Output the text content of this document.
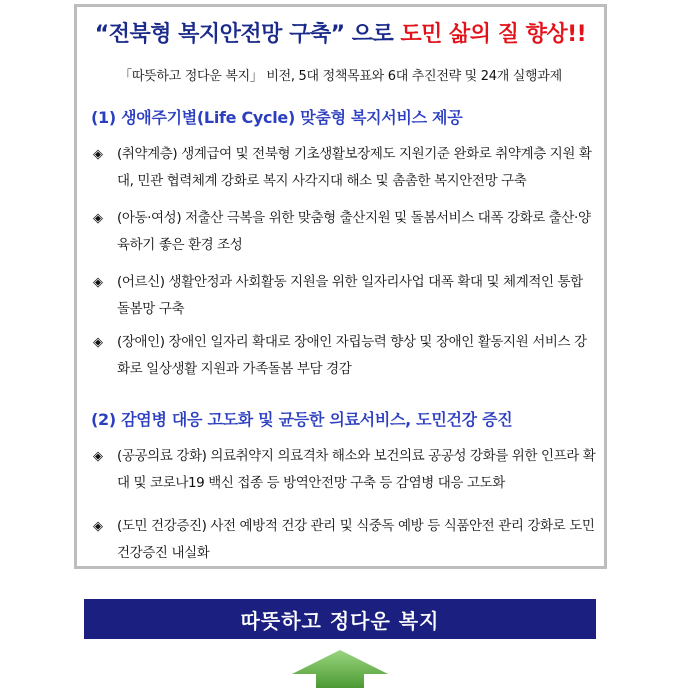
“전북형 복지안전망 구축” 으로 도민 삶의 질 향상!!
「따뜻하고 정다운 복지」 비전, 5대 정책목표와 6대 추진전략 및 24개 실행과제
(1) 생애주기별(Life Cycle) 맞춤형 복지서비스 제공
◈	(취약계층) 생계급여 및 전북형 기초생활보장제도 지원기준 완화로 취약계층 지원 확대, 민관 협력체계 강화로 복지 사각지대 해소 및 촘촘한 복지안전망 구축
◈	(아동·여성) 저출산 극복을 위한 맞춤형 출산지원 및 돌봄서비스 대폭 강화로 출산·양육하기 좋은 환경 조성
◈	(어르신) 생활안정과 사회활동 지원을 위한 일자리사업 대폭 확대 및 체계적인 통합 돌봄망 구축
◈	(장애인) 장애인 일자리 확대로 장애인 자립능력 향상 및 장애인 활동지원 서비스 강화로 일상생활 지원과 가족돌봄 부담 경감
(2) 감염병 대응 고도화 및 균등한 의료서비스, 도민건강 증진
◈	(공공의료 강화) 의료취약지 의료격차 해소와 보건의료 공공성 강화를 위한 인프라 확대 및 코로나19 백신 접종 등 방역안전망 구축 등 감염병 대응 고도화
◈	(도민 건강증진) 사전 예방적 건강 관리 및 식중독 예방 등 식품안전 관리 강화로 도민건강증진 내실화
따뜻하고 정다운 복지
